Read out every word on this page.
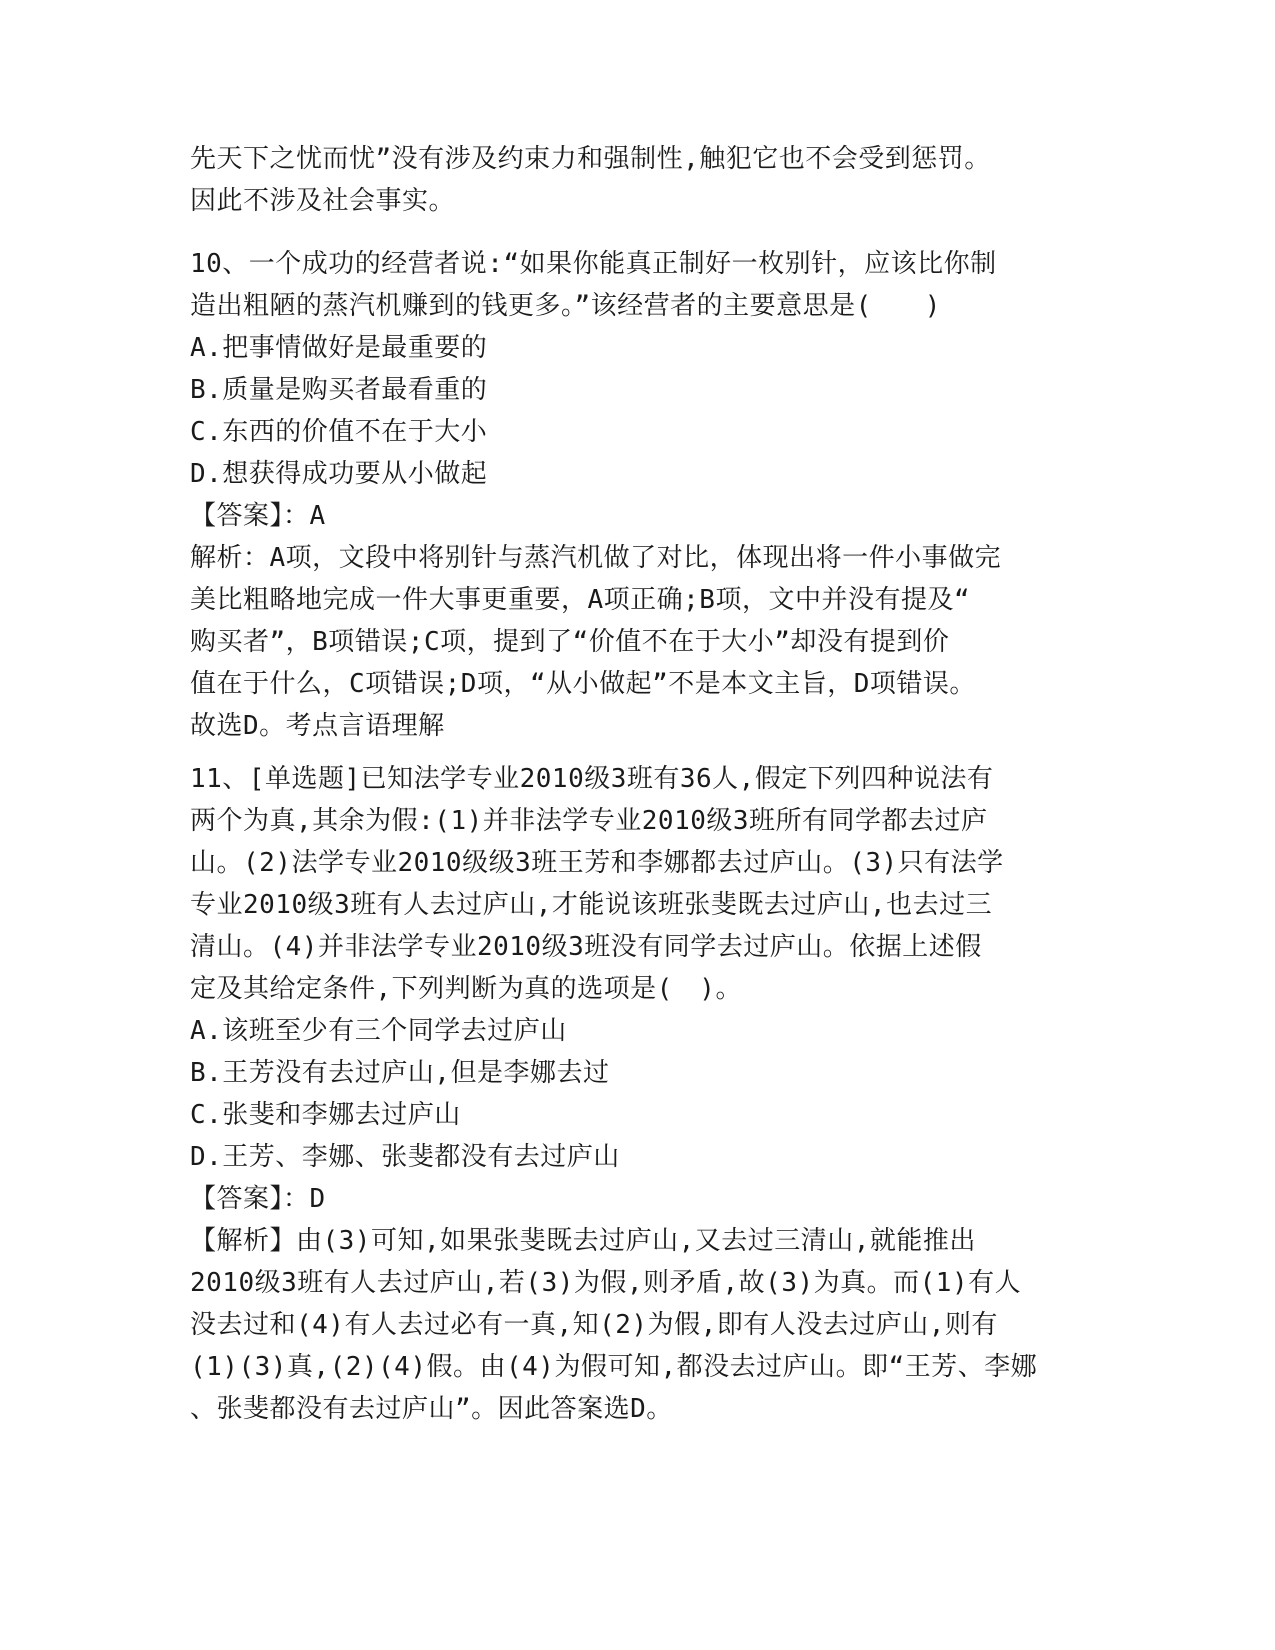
先天下之忧而忧”没有涉及约束力和强制性,触犯它也不会受到惩罚。
因此不涉及社会事实。
10、一个成功的经营者说:“如果你能真正制好一枚别针，应该比你制
造出粗陋的蒸汽机赚到的钱更多。”该经营者的主要意思是(　　)
A.把事情做好是最重要的
B.质量是购买者最看重的
C.东西的价值不在于大小
D.想获得成功要从小做起
【答案】：A
解析：A项，文段中将别针与蒸汽机做了对比，体现出将一件小事做完
美比粗略地完成一件大事更重要，A项正确;B项，文中并没有提及“
购买者”，B项错误;C项，提到了“价值不在于大小”却没有提到价
值在于什么，C项错误;D项，“从小做起”不是本文主旨，D项错误。
故选D。考点言语理解
11、[单选题]已知法学专业2010级3班有36人,假定下列四种说法有
两个为真,其余为假:(1)并非法学专业2010级3班所有同学都去过庐
山。(2)法学专业2010级级3班王芳和李娜都去过庐山。(3)只有法学
专业2010级3班有人去过庐山,才能说该班张斐既去过庐山,也去过三
清山。(4)并非法学专业2010级3班没有同学去过庐山。依据上述假
定及其给定条件,下列判断为真的选项是(　)。
A.该班至少有三个同学去过庐山
B.王芳没有去过庐山,但是李娜去过
C.张斐和李娜去过庐山
D.王芳、李娜、张斐都没有去过庐山
【答案】：D
【解析】由(3)可知,如果张斐既去过庐山,又去过三清山,就能推出
2010级3班有人去过庐山,若(3)为假,则矛盾,故(3)为真。而(1)有人
没去过和(4)有人去过必有一真,知(2)为假,即有人没去过庐山,则有
(1)(3)真,(2)(4)假。由(4)为假可知,都没去过庐山。即“王芳、李娜
、张斐都没有去过庐山”。因此答案选D。
